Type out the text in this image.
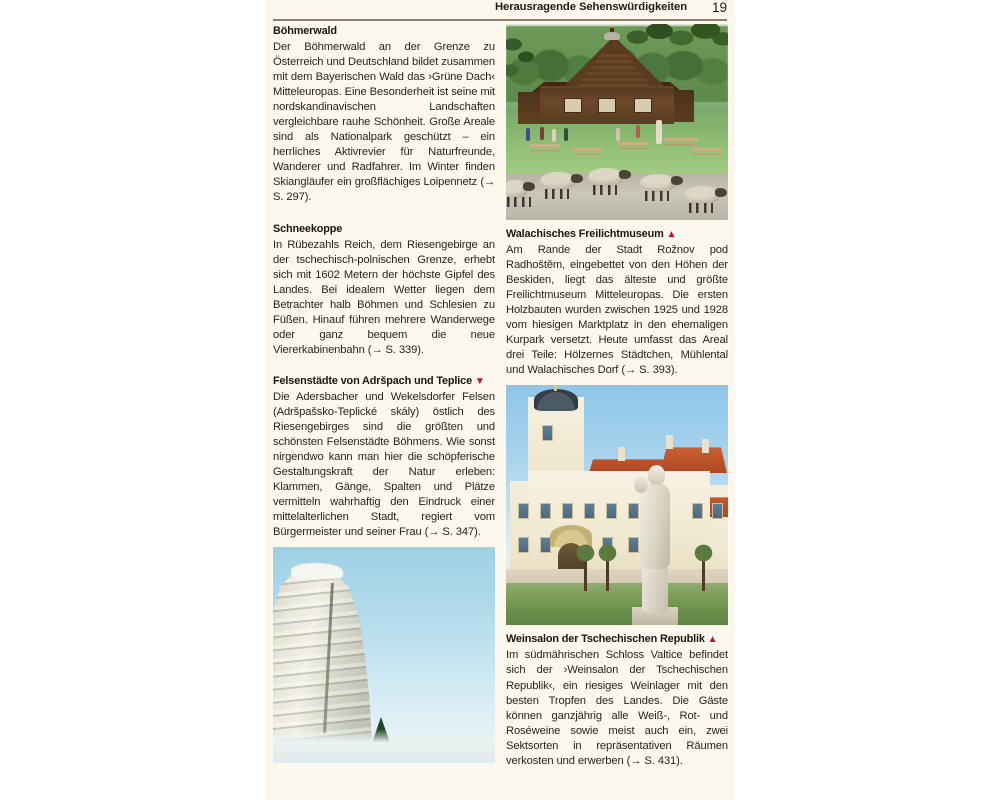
Herausragende Sehenswürdigkeiten 19
Böhmerwald

Der Böhmerwald an der Grenze zu Österreich und Deutschland bildet zusammen mit dem Bayerischen Wald das ›Grüne Dach‹ Mitteleuropas. Eine Besonderheit ist seine mit nordskandinavischen Landschaften vergleichbare rauhe Schönheit. Große Areale sind als Nationalpark geschützt – ein herrliches Aktivrevier für Naturfreunde, Wanderer und Radfahrer. Im Winter finden Skiangläufer ein großflächiges Loipennetz (→ S. 297).

Schneekoppe

In Rübezahls Reich, dem Riesengebirge an der tschechisch-polnischen Grenze, erhebt sich mit 1602 Metern der höchste Gipfel des Landes. Bei idealem Wetter liegen dem Betrachter halb Böhmen und Schlesien zu Füßen. Hinauf führen mehrere Wanderwege oder ganz bequem die neue Viererkabinenbahn (→ S. 339).

Felsenstädte von Adršpach und Teplice ▼

Die Adersbacher und Wekelsdorfer Felsen (Adršpašsko-Teplické skály) östlich des Riesengebirges sind die größten und schönsten Felsenstädte Böhmens. Wie sonst nirgendwo kann man hier die schöpferische Gestaltungskraft der Natur erleben: Klammen, Gänge, Spalten und Plätze vermitteln wahrhaftig den Eindruck einer mittelalterlichen Stadt, regiert vom Bürgermeister und seiner Frau (→ S. 347).

Walachisches Freilichtmuseum ▲

Am Rande der Stadt Rožnov pod Radhoštěm, eingebettet von den Höhen der Beskiden, liegt das älteste und größte Freilichtmuseum Mitteleuropas. Die ersten Holzbauten wurden zwischen 1925 und 1928 vom hiesigen Marktplatz in den ehemaligen Kurpark versetzt. Heute umfasst das Areal drei Teile: Hölzernes Städtchen, Mühlental und Walachisches Dorf (→ S. 393).

Weinsalon der Tschechischen Republik ▲

Im südmährischen Schloss Valtice befindet sich der ›Weinsalon der Tschechischen Republik‹, ein riesiges Weinlager mit den besten Tropfen des Landes. Die Gäste können ganzjährig alle Weiß-, Rot- und Roséweine sowie meist auch ein, zwei Sektsorten in repräsentativen Räumen verkosten und erwerben (→ S. 431).
